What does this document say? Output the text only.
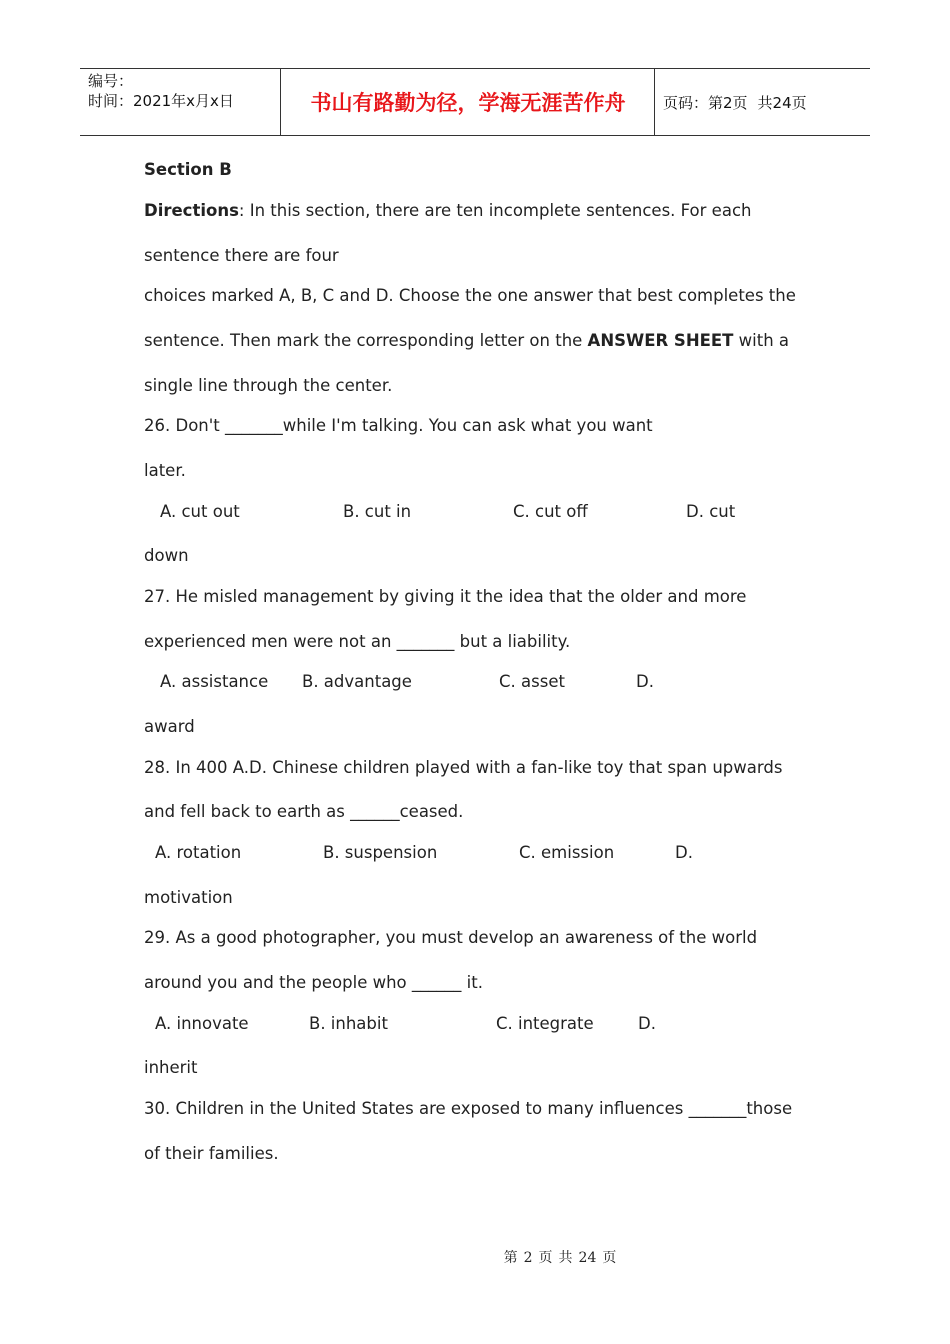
编号：
时间：2021年x月x日	书山有路勤为径，学海无涯苦作舟	页码：第2页 共24页
Section B
Directions: In this section, there are ten incomplete sentences. For each
sentence there are four
choices marked A, B, C and D. Choose the one answer that best completes the
sentence. Then mark the corresponding letter on the ANSWER SHEET with a
single line through the center.
26. Don't _______while I'm talking. You can ask what you want
later.
A. cut out	B. cut in	C. cut off	D. cut
down
27. He misled management by giving it the idea that the older and more
experienced men were not an _______ but a liability.
A. assistance B. advantage	C. asset	D.
award
28. In 400 A.D. Chinese children played with a fan-like toy that span upwards
and fell back to earth as ______ceased.
A. rotation	B. suspension	C. emission	D.
motivation
29. As a good photographer, you must develop an awareness of the world
around you and the people who ______ it.
A. innovate	B. inhabit	C. integrate	D.
inherit
30. Children in the United States are exposed to many influences _______those
of their families.
第 2 页 共 24 页
